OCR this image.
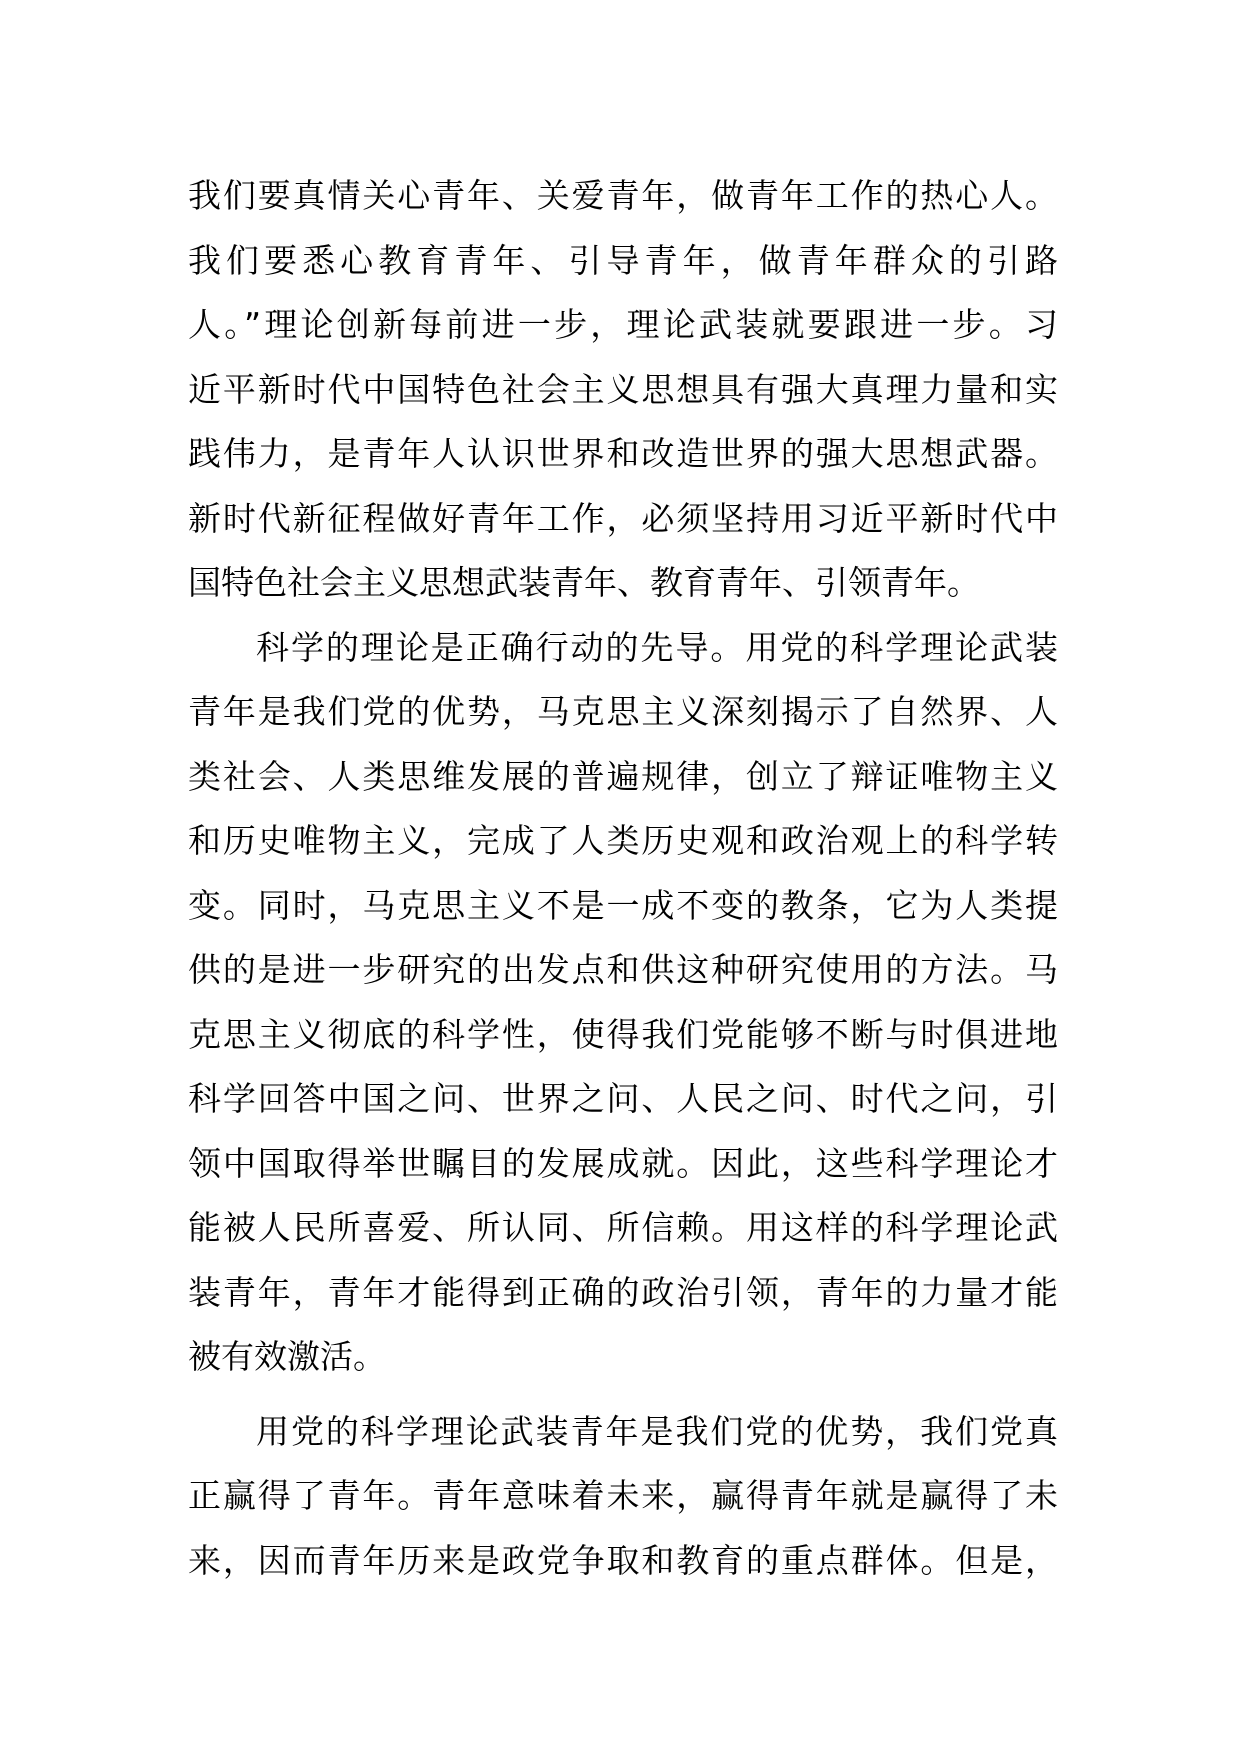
我们要真情关心青年、关爱青年，做青年工作的热心人。
我们要悉心教育青年、引导青年，做青年群众的引路
人。”理论创新每前进一步，理论武装就要跟进一步。习
近平新时代中国特色社会主义思想具有强大真理力量和实
践伟力，是青年人认识世界和改造世界的强大思想武器。
新时代新征程做好青年工作，必须坚持用习近平新时代中
国特色社会主义思想武装青年、教育青年、引领青年。
科学的理论是正确行动的先导。用党的科学理论武装
青年是我们党的优势，马克思主义深刻揭示了自然界、人
类社会、人类思维发展的普遍规律，创立了辩证唯物主义
和历史唯物主义，完成了人类历史观和政治观上的科学转
变。同时，马克思主义不是一成不变的教条，它为人类提
供的是进一步研究的出发点和供这种研究使用的方法。马
克思主义彻底的科学性，使得我们党能够不断与时俱进地
科学回答中国之问、世界之问、人民之问、时代之问，引
领中国取得举世瞩目的发展成就。因此，这些科学理论才
能被人民所喜爱、所认同、所信赖。用这样的科学理论武
装青年，青年才能得到正确的政治引领，青年的力量才能
被有效激活。
用党的科学理论武装青年是我们党的优势，我们党真
正赢得了青年。青年意味着未来，赢得青年就是赢得了未
来，因而青年历来是政党争取和教育的重点群体。但是，
